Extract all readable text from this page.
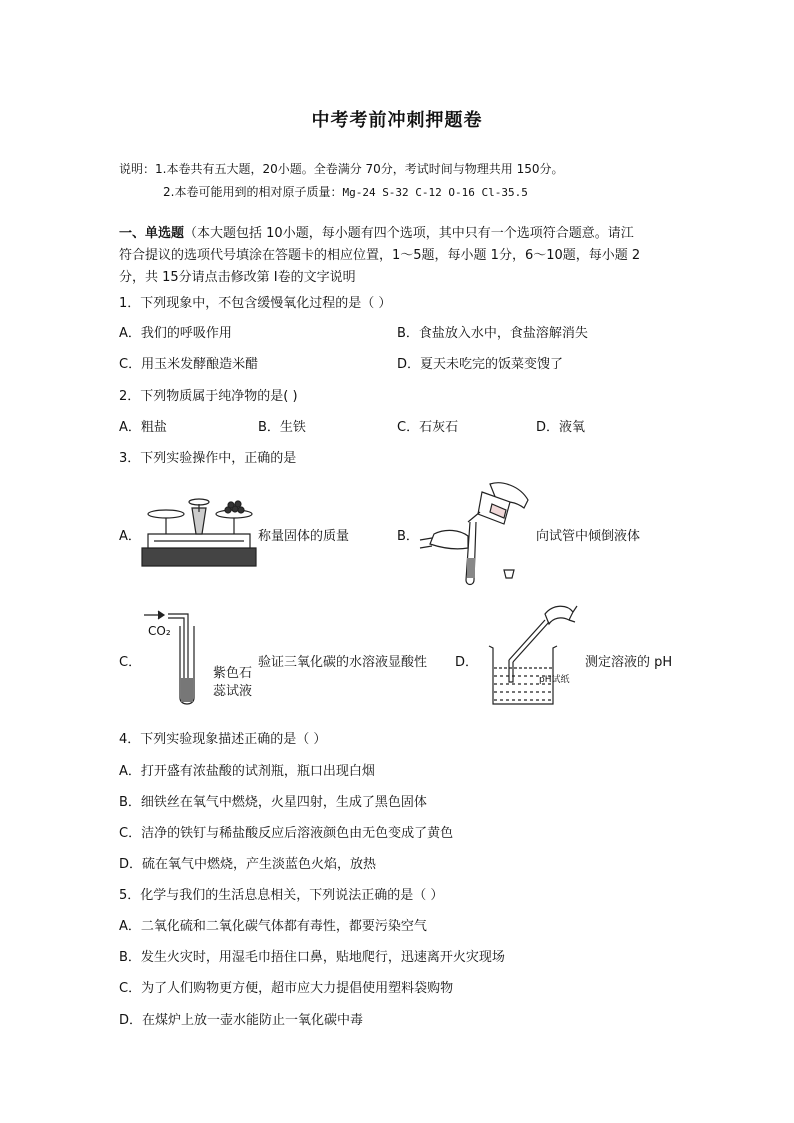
中考考前冲刺押题卷
说明：1.本卷共有五大题，20小题。全卷满分 70分，考试时间与物理共用 150分。
2.本卷可能用到的相对原子质量：Mg-24 S-32 C-12 O-16 Cl-35.5
一、单选题（本大题包括 10小题，每小题有四个选项，其中只有一个选项符合题意。请江
符合提议的选项代号填涂在答题卡的相应位置，1～5题，每小题 1分，6～10题，每小题 2
分，共 15分请点击修改第 I卷的文字说明
1．下列现象中，不包含缓慢氧化过程的是（ ）
A．我们的呼吸作用	B．食盐放入水中，食盐溶解消失
C．用玉米发酵酿造米醋	D．夏天未吃完的饭菜变馊了
2．下列物质属于纯净物的是( )
A．粗盐	B．生铁	C．石灰石	D．液氧
3．下列实验操作中，正确的是
A．	称量固体的质量	B．	向试管中倾倒液体
C．
CO₂
紫色石
蕊试液
验证三氧化碳的水溶液显酸性 D．
pH试纸
测定溶液的 pH
4．下列实验现象描述正确的是（ ）
A．打开盛有浓盐酸的试剂瓶，瓶口出现白烟
B．细铁丝在氧气中燃烧，火星四射，生成了黑色固体
C．洁净的铁钉与稀盐酸反应后溶液颜色由无色变成了黄色
D．硫在氧气中燃烧，产生淡蓝色火焰，放热
5．化学与我们的生活息息相关，下列说法正确的是（ ）
A．二氧化硫和二氧化碳气体都有毒性，都要污染空气
B．发生火灾时，用湿毛巾捂住口鼻，贴地爬行，迅速离开火灾现场
C．为了人们购物更方便，超市应大力提倡使用塑料袋购物
D．在煤炉上放一壶水能防止一氧化碳中毒
